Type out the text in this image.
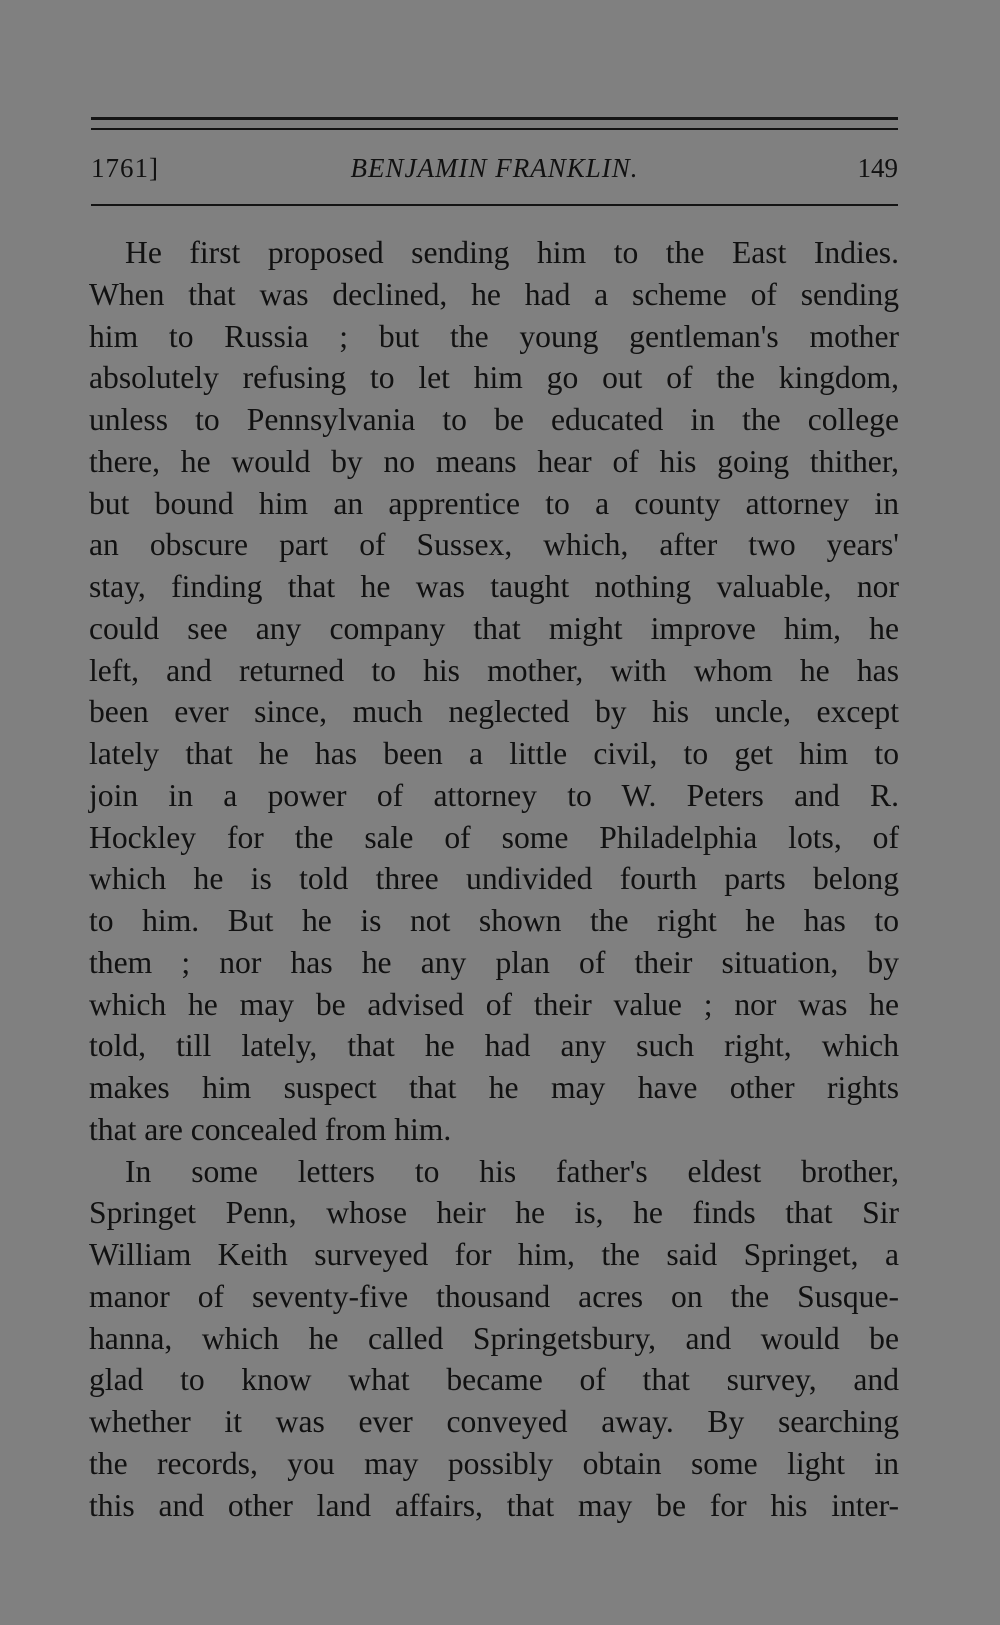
1761]	BENJAMIN FRANKLIN.	149
He first proposed sending him to the East Indies.
When that was declined, he had a scheme of sending
him to Russia ; but the young gentleman's mother
absolutely refusing to let him go out of the kingdom,
unless to Pennsylvania to be educated in the college
there, he would by no means hear of his going thither,
but bound him an apprentice to a county attorney in
an obscure part of Sussex, which, after two years'
stay, finding that he was taught nothing valuable, nor
could see any company that might improve him, he
left, and returned to his mother, with whom he has
been ever since, much neglected by his uncle, except
lately that he has been a little civil, to get him to
join in a power of attorney to W. Peters and R.
Hockley for the sale of some Philadelphia lots, of
which he is told three undivided fourth parts belong
to him. But he is not shown the right he has to
them ; nor has he any plan of their situation, by
which he may be advised of their value ; nor was he
told, till lately, that he had any such right, which
makes him suspect that he may have other rights
that are concealed from him.
In some letters to his father's eldest brother,
Springet Penn, whose heir he is, he finds that Sir
William Keith surveyed for him, the said Springet, a
manor of seventy-five thousand acres on the Susque-
hanna, which he called Springetsbury, and would be
glad to know what became of that survey, and
whether it was ever conveyed away. By searching
the records, you may possibly obtain some light in
this and other land affairs, that may be for his inter-
